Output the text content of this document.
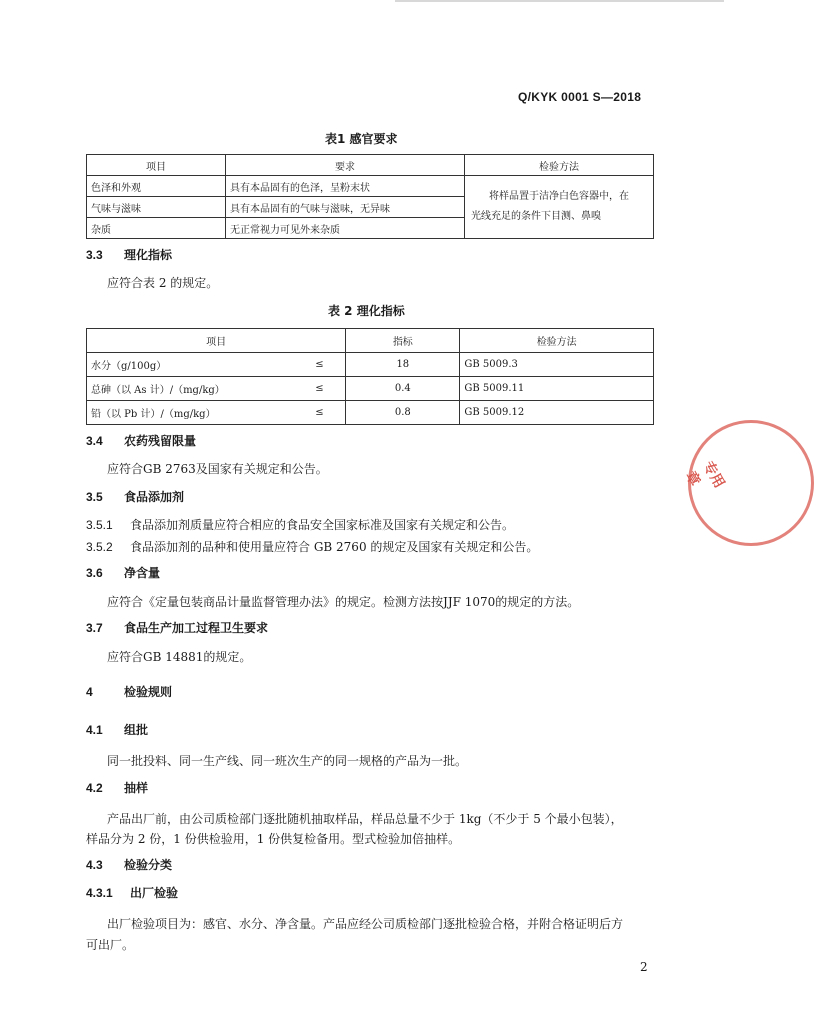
Q/KYK 0001 S—2018
表1 感官要求
项目	要求	检验方法
色泽和外观	具有本品固有的色泽，呈粉末状	将样品置于洁净白色容器中，在
光线充足的条件下目测、鼻嗅

气味与滋味	具有本品固有的气味与滋味，无异味	
杂质	无正常视力可见外来杂质	
3.3 理化指标
应符合表 2 的规定。
表 2 理化指标
项目		指标	检验方法
水分（g/100g）	≤	18	GB 5009.3
总砷（以 As 计）/（mg/kg）	≤	0.4	GB 5009.11
铅（以 Pb 计）/（mg/kg）	≤	0.8	GB 5009.12
3.4 农药残留限量
应符合GB 2763及国家有关规定和公告。
3.5 食品添加剂
3.5.1 食品添加剂质量应符合相应的食品安全国家标准及国家有关规定和公告。
3.5.2 食品添加剂的品种和使用量应符合 GB 2760 的规定及国家有关规定和公告。
3.6 净含量
应符合《定量包装商品计量监督管理办法》的规定。检测方法按JJF 1070的规定的方法。
3.7 食品生产加工过程卫生要求
应符合GB 14881的规定。
4	检验规则
4.1 组批
同一批投料、同一生产线、同一班次生产的同一规格的产品为一批。
4.2 抽样
产品出厂前，由公司质检部门逐批随机抽取样品，样品总量不少于 1kg（不少于 5 个最小包装），
样品分为 2 份，1 份供检验用，1 份供复检备用。型式检验加倍抽样。
4.3 检验分类
4.3.1 出厂检验
出厂检验项目为：感官、水分、净含量。产品应经公司质检部门逐批检验合格，并附合格证明后方
可出厂。
专用章
2
